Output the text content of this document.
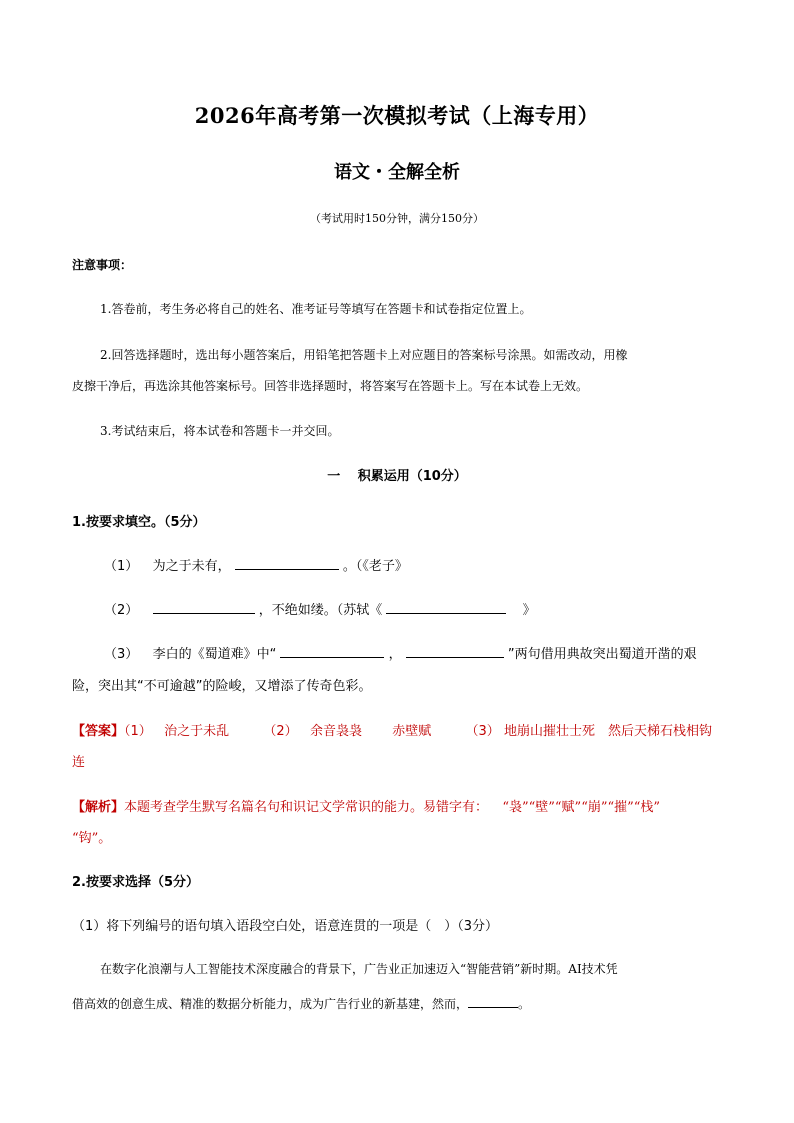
2026年高考第一次模拟考试（上海专用）
语文・全解全析
（考试用时150分钟，满分150分）
注意事项：
1.答卷前，考生务必将自己的姓名、准考证号等填写在答题卡和试卷指定位置上。
2.回答选择题时，选出每小题答案后，用铅笔把答题卡上对应题目的答案标号涂黑。如需改动，用橡
皮擦干净后，再选涂其他答案标号。回答非选择题时，将答案写在答题卡上。写在本试卷上无效。
3.考试结束后，将本试卷和答题卡一并交回。
一　 积累运用（10分）
1.按要求填空。（5分）
（1） 为之于未有，	。（《老子》
（2）	，不绝如缕。（苏轼《	》
（3） 李白的《蜀道难》中“	，	”两句借用典故突出蜀道开凿的艰
险，突出其“不可逾越”的险峻，又增添了传奇色彩。
【答案】（1） 治之于未乱	（2） 余音袅袅 赤壁赋	（3） 地崩山摧壮士死　然后天梯石栈相钩
连
【解析】本题考查学生默写名篇名句和识记文学常识的能力。易错字有： “袅”“壁”“赋”“崩”“摧”“栈”
“钩”。
2.按要求选择（5分）
（1）将下列编号的语句填入语段空白处，语意连贯的一项是（　）（3分）
在数字化浪潮与人工智能技术深度融合的背景下，广告业正加速迈入“智能营销”新时期。AI技术凭
借高效的创意生成、精准的数据分析能力，成为广告行业的新基建，然而，	。
